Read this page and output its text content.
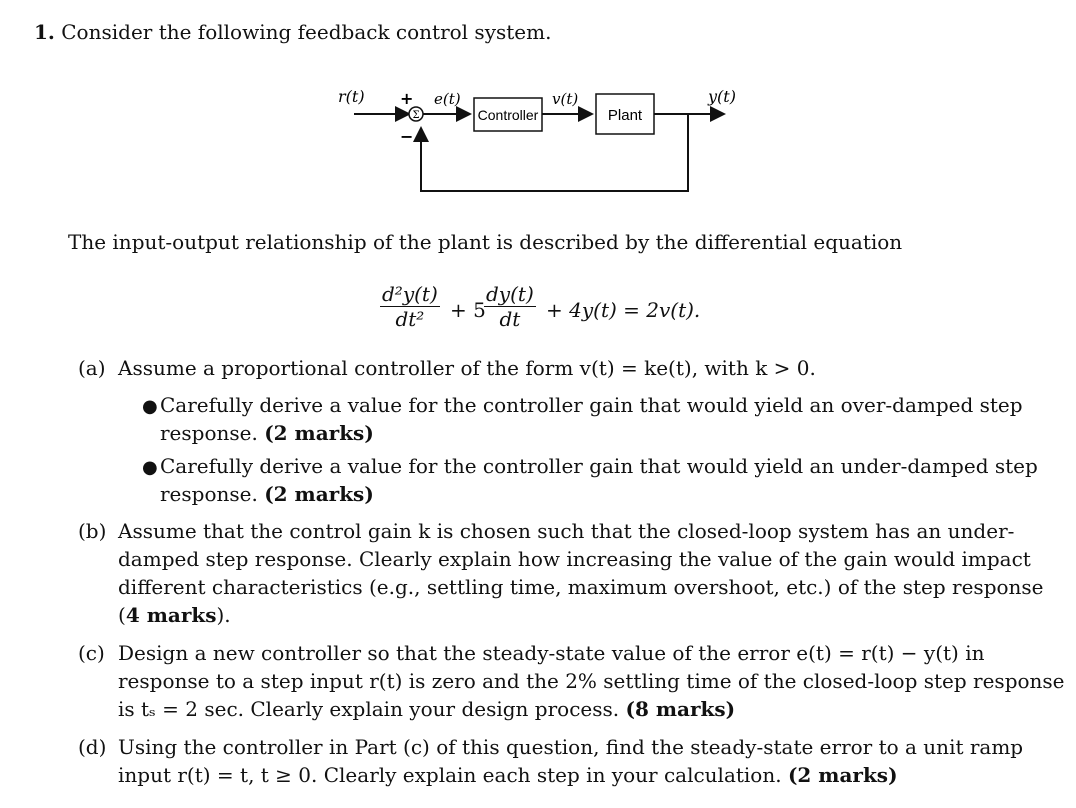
1. Consider the following feedback control system.
Σ	Controller	Plant
r(t) +
−
e(t)	v(t)	y(t)
The input-output relationship of the plant is described by the differential equation
$\frac{\text{d²y(t)}}{\text{dt²}} + 5$
$\frac{dy(t)}{dt} + 4y(t) = 2v(t)$.
(a) Assume a proportional controller of the form v(t) = ke(t), with k > 0.
● Carefully derive a value for the controller gain that would yield an over-damped step
response. (2 marks)
● Carefully derive a value for the controller gain that would yield an under-damped step
response. (2 marks)
(b) Assume that the control gain k is chosen such that the closed-loop system has an under-
damped step response. Clearly explain how increasing the value of the gain would impact
different characteristics (e.g., settling time, maximum overshoot, etc.) of the step response
(4 marks).
(c) Design a new controller so that the steady-state value of the error e(t) = r(t) − y(t) in
response to a step input r(t) is zero and the 2% settling time of the closed-loop step response
is tₛ = 2 sec. Clearly explain your design process. (8 marks)
(d) Using the controller in Part (c) of this question, find the steady-state error to a unit ramp
input r(t) = t, t ≥ 0. Clearly explain each step in your calculation. (2 marks)
